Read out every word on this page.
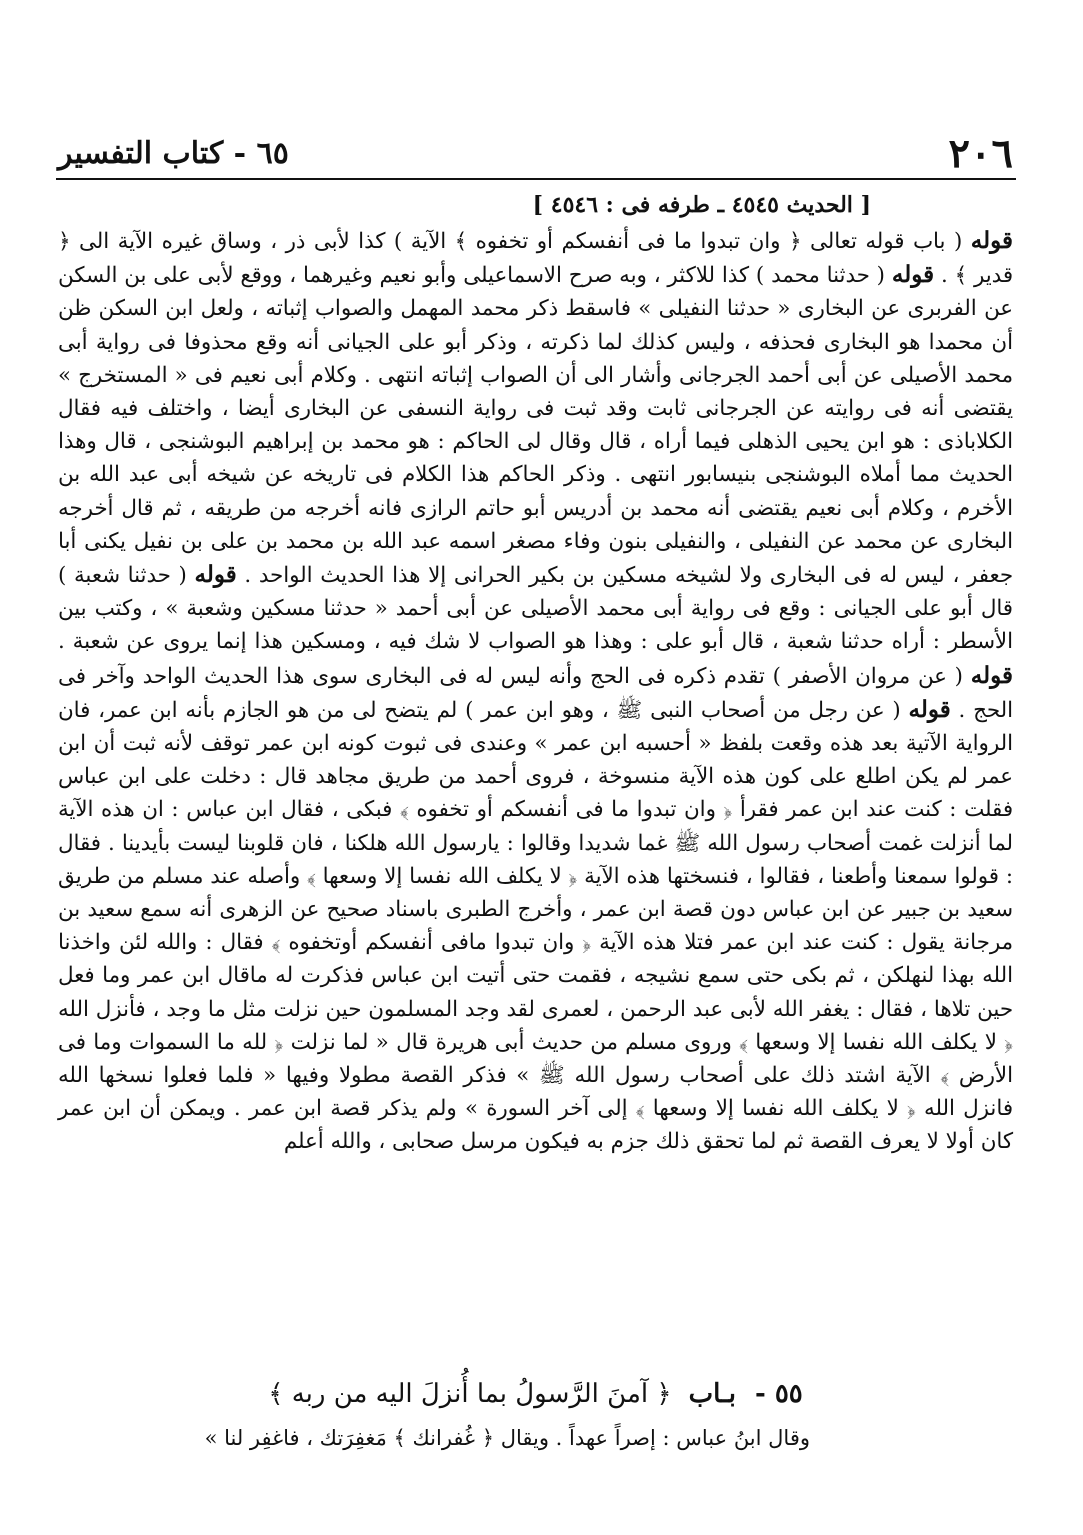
٢٠٦
٦٥ - كتاب التفسير
[ الحديث ٤٥٤٥ ـ طرفه فى : ٤٥٤٦ ]

قوله ( باب قوله تعالى ﴿ وان تبدوا ما فى أنفسكم أو تخفوه ﴾ الآية ) كذا لأبى ذر ، وساق غيره الآية الى ﴿ قدير ﴾ . قوله ( حدثنا محمد ) كذا للاكثر ، وبه صرح الاسماعيلى وأبو نعيم وغيرهما ، ووقع لأبى على بن السكن عن الفربرى عن البخارى « حدثنا النفيلى » فاسقط ذكر محمد المهمل والصواب إثباته ، ولعل ابن السكن ظن أن محمدا هو البخارى فحذفه ، وليس كذلك لما ذكرته ، وذكر أبو على الجيانى أنه وقع محذوفا فى رواية أبى محمد الأصيلى عن أبى أحمد الجرجانى وأشار الى أن الصواب إثباته انتهى . وكلام أبى نعيم فى « المستخرج » يقتضى أنه فى روايته عن الجرجانى ثابت وقد ثبت فى رواية النسفى عن البخارى أيضا ، واختلف فيه فقال الكلاباذى : هو ابن يحيى الذهلى فيما أراه ، قال وقال لى الحاكم : هو محمد بن إبراهيم البوشنجى ، قال وهذا الحديث مما أملاه البوشنجى بنيسابور انتهى . وذكر الحاكم هذا الكلام فى تاريخه عن شيخه أبى عبد الله بن الأخرم ، وكلام أبى نعيم يقتضى أنه محمد بن أدريس أبو حاتم الرازى فانه أخرجه من طريقه ، ثم قال أخرجه البخارى عن محمد عن النفيلى ، والنفيلى بنون وفاء مصغر اسمه عبد الله بن محمد بن على بن نفيل يكنى أبا جعفر ، ليس له فى البخارى ولا لشيخه مسكين بن بكير الحرانى إلا هذا الحديث الواحد . قوله ( حدثنا شعبة ) قال أبو على الجيانى : وقع فى رواية أبى محمد الأصيلى عن أبى أحمد « حدثنا مسكين وشعبة » ، وكتب بين الأسطر : أراه حدثنا شعبة ، قال أبو على : وهذا هو الصواب لا شك فيه ، ومسكين هذا إنما يروى عن شعبة . قوله ( عن مروان الأصفر ) تقدم ذكره فى الحج وأنه ليس له فى البخارى سوى هذا الحديث الواحد وآخر فى الحج . قوله ( عن رجل من أصحاب النبى ﷺ ، وهو ابن عمر ) لم يتضح لى من هو الجازم بأنه ابن عمر، فان الرواية الآتية بعد هذه وقعت بلفظ « أحسبه ابن عمر » وعندى فى ثبوت كونه ابن عمر توقف لأنه ثبت أن ابن عمر لم يكن اطلع على كون هذه الآية منسوخة ، فروى أحمد من طريق مجاهد قال : دخلت على ابن عباس فقلت : كنت عند ابن عمر فقرأ ﴿ وان تبدوا ما فى أنفسكم أو تخفوه ﴾ فبكى ، فقال ابن عباس : ان هذه الآية لما أنزلت غمت أصحاب رسول الله ﷺ غما شديدا وقالوا : يارسول الله هلكنا ، فان قلوبنا ليست بأيدينا . فقال : قولوا سمعنا وأطعنا ، فقالوا ، فنسختها هذه الآية ﴿ لا يكلف الله نفسا إلا وسعها ﴾ وأصله عند مسلم من طريق سعيد بن جبير عن ابن عباس دون قصة ابن عمر ، وأخرج الطبرى باسناد صحيح عن الزهرى أنه سمع سعيد بن مرجانة يقول : كنت عند ابن عمر فتلا هذه الآية ﴿ وان تبدوا مافى أنفسكم أوتخفوه ﴾ فقال : والله لئن واخذنا الله بهذا لنهلكن ، ثم بكى حتى سمع نشيجه ، فقمت حتى أتيت ابن عباس فذكرت له ماقال ابن عمر وما فعل حين تلاها ، فقال : يغفر الله لأبى عبد الرحمن ، لعمرى لقد وجد المسلمون حين نزلت مثل ما وجد ، فأنزل الله ﴿ لا يكلف الله نفسا إلا وسعها ﴾ وروى مسلم من حديث أبى هريرة قال « لما نزلت ﴿ لله ما السموات وما فى الأرض ﴾ الآية اشتد ذلك على أصحاب رسول الله ﷺ » فذكر القصة مطولا وفيها « فلما فعلوا نسخها الله فانزل الله ﴿ لا يكلف الله نفسا إلا وسعها ﴾ إلى آخر السورة » ولم يذكر قصة ابن عمر . ويمكن أن ابن عمر كان أولا لا يعرف القصة ثم لما تحقق ذلك جزم به فيكون مرسل صحابى ، والله أعلم

٥٥ - بـاب ﴿ آمنَ الرَّسولُ بما أُنزلَ اليه من ربه ﴾
وقال ابنُ عباس : إصراً عهداً . ويقال ﴿ غُفرانك ﴾ مَغفِرَتك ، فاغفِر لنا »
